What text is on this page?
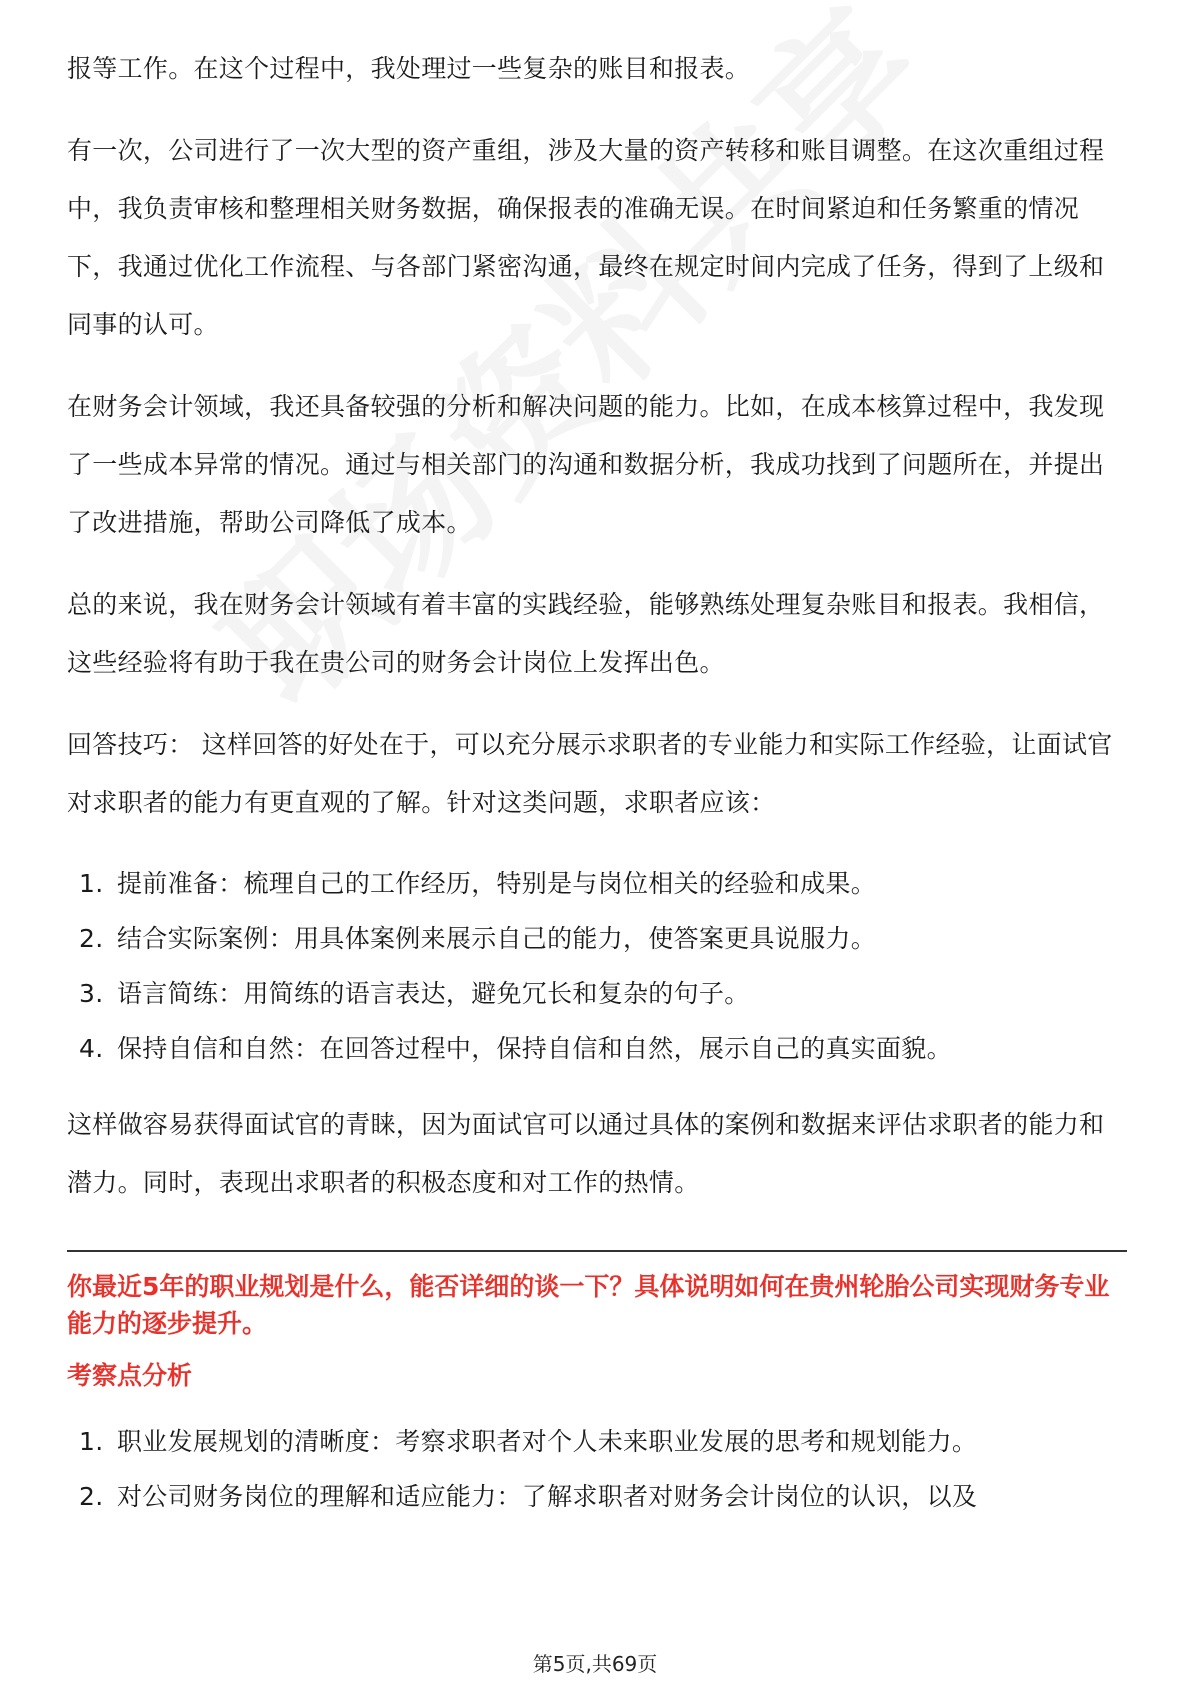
报等工作。在这个过程中，我处理过一些复杂的账目和报表。

有一次，公司进行了一次大型的资产重组，涉及大量的资产转移和账目调整。在这次重组过程中，我负责审核和整理相关财务数据，确保报表的准确无误。在时间紧迫和任务繁重的情况下，我通过优化工作流程、与各部门紧密沟通，最终在规定时间内完成了任务，得到了上级和同事的认可。

在财务会计领域，我还具备较强的分析和解决问题的能力。比如，在成本核算过程中，我发现了一些成本异常的情况。通过与相关部门的沟通和数据分析，我成功找到了问题所在，并提出了改进措施，帮助公司降低了成本。

总的来说，我在财务会计领域有着丰富的实践经验，能够熟练处理复杂账目和报表。我相信，这些经验将有助于我在贵公司的财务会计岗位上发挥出色。

回答技巧： 这样回答的好处在于，可以充分展示求职者的专业能力和实际工作经验，让面试官对求职者的能力有更直观的了解。针对这类问题，求职者应该：

1. 提前准备：梳理自己的工作经历，特别是与岗位相关的经验和成果。
2. 结合实际案例：用具体案例来展示自己的能力，使答案更具说服力。
3. 语言简练：用简练的语言表达，避免冗长和复杂的句子。
4. 保持自信和自然：在回答过程中，保持自信和自然，展示自己的真实面貌。

这样做容易获得面试官的青睐，因为面试官可以通过具体的案例和数据来评估求职者的能力和潜力。同时，表现出求职者的积极态度和对工作的热情。

你最近5年的职业规划是什么，能否详细的谈一下？具体说明如何在贵州轮胎公司实现财务专业能力的逐步提升。

考察点分析

1. 职业发展规划的清晰度：考察求职者对个人未来职业发展的思考和规划能力。
2. 对公司财务岗位的理解和适应能力：了解求职者对财务会计岗位的认识，以及
第5页,共69页
